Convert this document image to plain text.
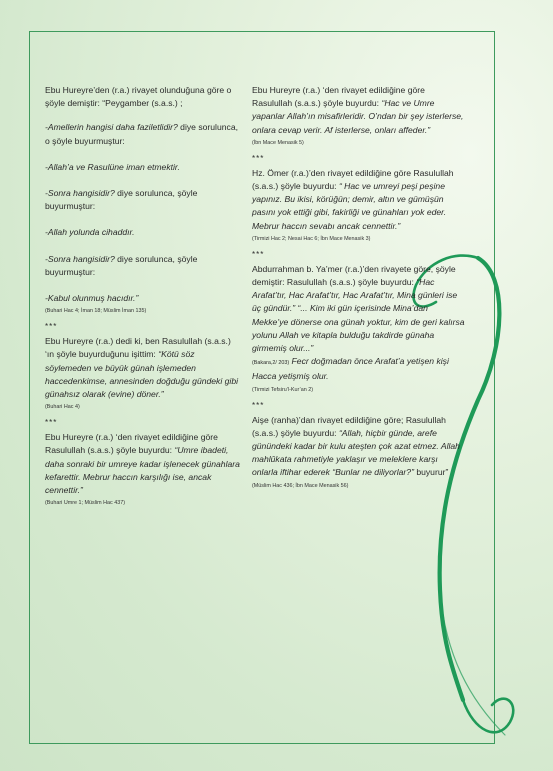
Ebu Hureyre’den (r.a.) rivayet olunduğuna göre o şöyle demiştir: “Peygamber (s.a.s.) ;

-Amellerin hangisi daha faziletlidir? diye sorulunca, o şöyle buyurmuştur:

-Allah’a ve Rasulüne iman etmektir.

-Sonra hangisidir? diye sorulunca, şöyle buyurmuştur:

-Allah yolunda cihaddır.

-Sonra hangisidir? diye sorulunca, şöyle buyurmuştur:

-Kabul olunmuş hacıdır.”

(Buhari Hac 4; İman 18; Müslim İman 135)
***

Ebu Hureyre (r.a.) dedi ki, ben Rasulullah (s.a.s.) ‘ın şöyle buyurduğunu işittim: “Kötü söz söylemeden ve büyük günah işlemeden haccedenkimse, annesinden doğduğu gündeki gibi günahsız olarak (evine) döner.”

(Buhari Hac 4)
***

Ebu Hureyre (r.a.) ‘den rivayet edildiğine göre Rasulullah (s.a.s.) şöyle buyurdu: “Umre ibadeti, daha sonraki bir umreye kadar işlenecek günahlara kefarettir. Mebrur haccın karşılığı ise, ancak cennettir.”

(Buhari Umre 1; Müslim Hac 437)

Ebu Hureyre (r.a.) ‘den rivayet edildiğine göre Rasulullah (s.a.s.) şöyle buyurdu: “Hac ve Umre yapanlar Allah’ın misafirleridir. O’ndan bir şey isterlerse, onlara cevap verir. Af isterlerse, onları affeder.”

(İbn Mace Menasik 5)
***

Hz. Ömer (r.a.)’den rivayet edildiğine göre Rasulullah (s.a.s.) şöyle buyurdu: “ Hac ve umreyi peşi peşine yapınız. Bu ikisi, körüğün; demir, altın ve gümüşün pasını yok ettiği gibi, fakirliği ve günahları yok eder. Mebrur haccın sevabı ancak cennettir.”

(Tirmizi Hac 2; Nesai Hac 6; İbn Mace Menasik 3)
***

Abdurrahman b. Ya’mer (r.a.)’den rivayete göre, şöyle demiştir: Rasulullah (s.a.s.) şöyle buyurdu: “Hac Arafat’tır, Hac Arafat’tır, Hac Arafat’tır, Mina günleri ise üç gündür.” “... Kim iki gün içerisinde Mina’dan Mekke’ye dönerse ona günah yoktur, kim de geri kalırsa yolunu Allah ve kitapla bulduğu takdirde günaha girmemiş olur...”

(Bakara,2/ 203) Fecr doğmadan önce Arafat’a yetişen kişi Hacca yetişmiş olur.

(Tirmizi Tefsiru’l-Kur’an 2)
***

Aişe (ranha)’dan rivayet edildiğine göre; Rasulullah (s.a.s.) şöyle buyurdu: “Allah, hiçbir günde, arefe günündeki kadar bir kulu ateşten çok azat etmez. Allah mahlûkata rahmetiyle yaklaşır ve meleklere karşı onlarla iftihar ederek “Bunlar ne diliyorlar?” buyurur”

(Müslim Hac 436; İbn Mace Menasik 56)
